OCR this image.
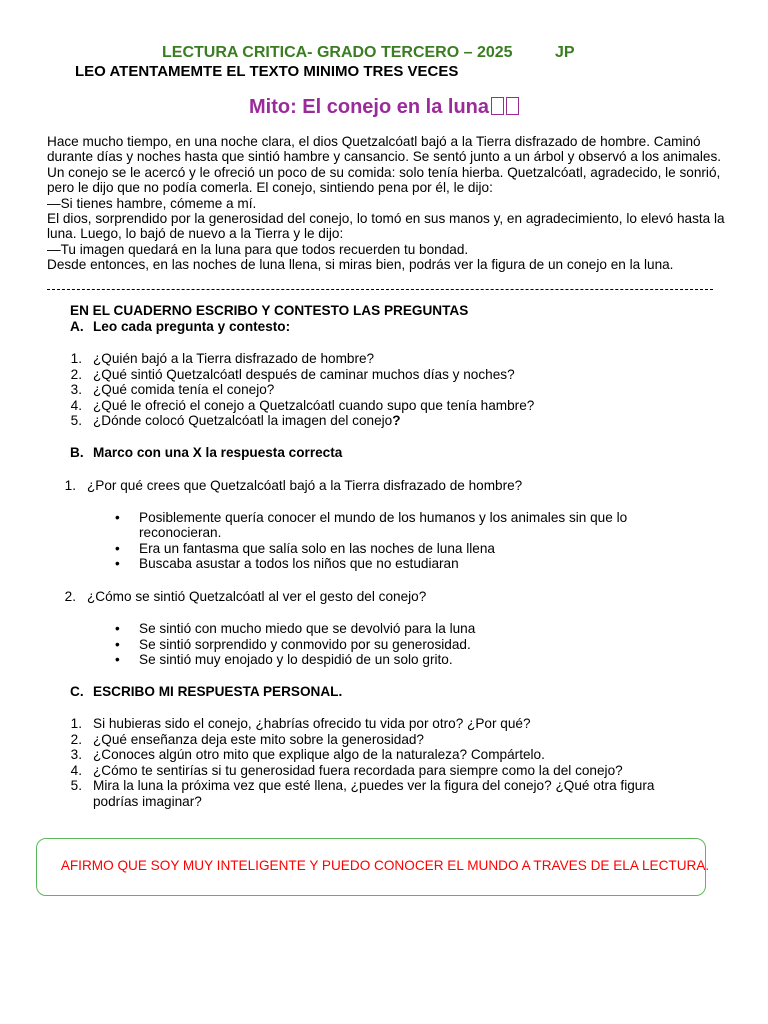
LECTURA CRITICA- GRADO TERCERO – 2025	JP
LEO ATENTAMEMTE EL TEXTO MINIMO TRES VECES
Mito: El conejo en la luna

Hace mucho tiempo, en una noche clara, el dios Quetzalcóatl bajó a la Tierra disfrazado de hombre. Caminó durante días y noches hasta que sintió hambre y cansancio. Se sentó junto a un árbol y observó a los animales.

Un conejo se le acercó y le ofreció un poco de su comida: solo tenía hierba. Quetzalcóatl, agradecido, le sonrió, pero le dijo que no podía comerla. El conejo, sintiendo pena por él, le dijo:

—Si tienes hambre, cómeme a mí.

El dios, sorprendido por la generosidad del conejo, lo tomó en sus manos y, en agradecimiento, lo elevó hasta la luna. Luego, lo bajó de nuevo a la Tierra y le dijo:

—Tu imagen quedará en la luna para que todos recuerden tu bondad.

Desde entonces, en las noches de luna llena, si miras bien, podrás ver la figura de un conejo en la luna.

EN EL CUADERNO ESCRIBO Y CONTESTO LAS PREGUNTAS
A. Leo cada pregunta y contesto:
1. ¿Quién bajó a la Tierra disfrazado de hombre?
2. ¿Qué sintió Quetzalcóatl después de caminar muchos días y noches?
3. ¿Qué comida tenía el conejo?
4. ¿Qué le ofreció el conejo a Quetzalcóatl cuando supo que tenía hambre?
5. ¿Dónde colocó Quetzalcóatl la imagen del conejo?
B. Marco con una X la respuesta correcta
1. ¿Por qué crees que Quetzalcóatl bajó a la Tierra disfrazado de hombre?
• Posiblemente quería conocer el mundo de los humanos y los animales sin que lo reconocieran.
• Era un fantasma que salía solo en las noches de luna llena
• Buscaba asustar a todos los niños que no estudiaran
2. ¿Cómo se sintió Quetzalcóatl al ver el gesto del conejo?
• Se sintió con mucho miedo que se devolvió para la luna
• Se sintió sorprendido y conmovido por su generosidad.
• Se sintió muy enojado y lo despidió de un solo grito.
C. ESCRIBO MI RESPUESTA PERSONAL.
1. Si hubieras sido el conejo, ¿habrías ofrecido tu vida por otro? ¿Por qué?
2. ¿Qué enseñanza deja este mito sobre la generosidad?
3. ¿Conoces algún otro mito que explique algo de la naturaleza? Compártelo.
4. ¿Cómo te sentirías si tu generosidad fuera recordada para siempre como la del conejo?
5. Mira la luna la próxima vez que esté llena, ¿puedes ver la figura del conejo? ¿Qué otra figura podrías imaginar?
AFIRMO QUE SOY MUY INTELIGENTE Y PUEDO CONOCER EL MUNDO A TRAVES DE ELA LECTURA.
